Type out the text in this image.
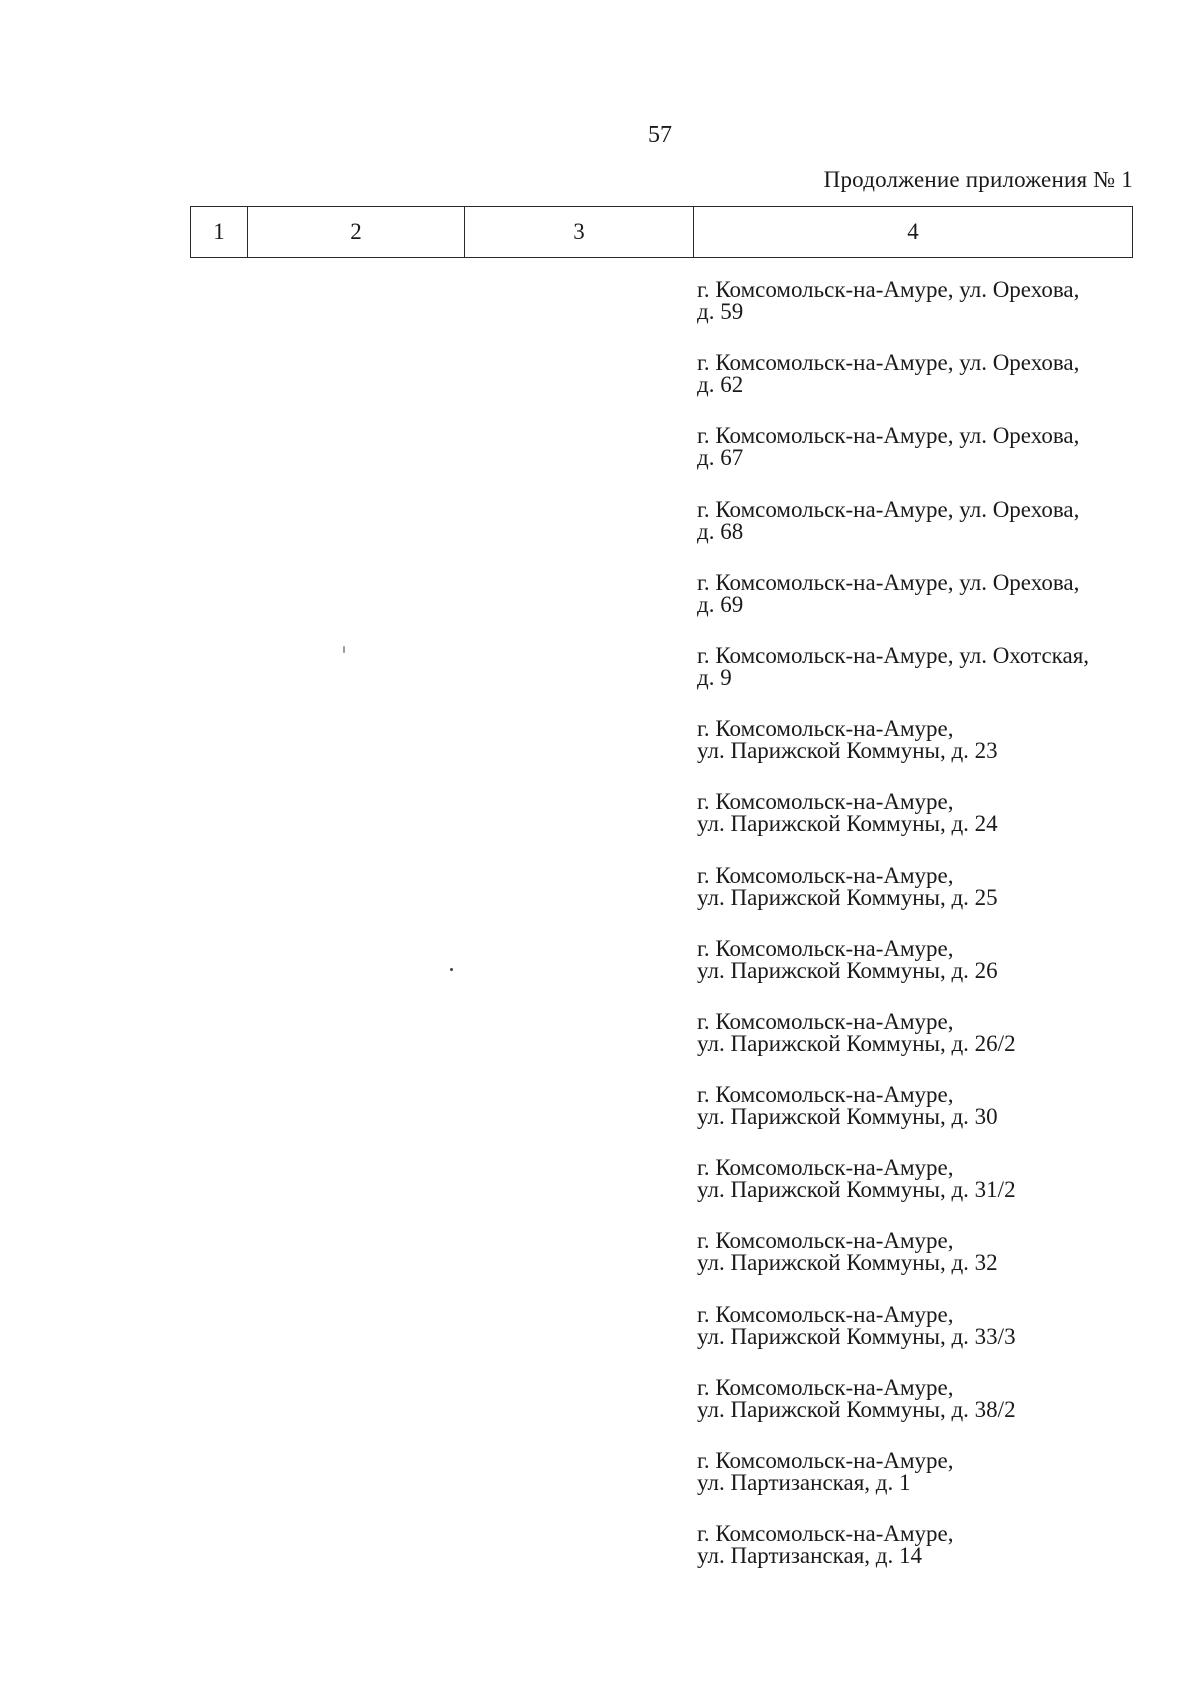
57
Продолжение приложения № 1
1	2	3	4
г. Комсомольск-на-Амуре, ул. Орехова,
д. 59
г. Комсомольск-на-Амуре, ул. Орехова,
д. 62
г. Комсомольск-на-Амуре, ул. Орехова,
д. 67
г. Комсомольск-на-Амуре, ул. Орехова,
д. 68
г. Комсомольск-на-Амуре, ул. Орехова,
д. 69
г. Комсомольск-на-Амуре, ул. Охотская,
д. 9
г. Комсомольск-на-Амуре,
ул. Парижской Коммуны, д. 23
г. Комсомольск-на-Амуре,
ул. Парижской Коммуны, д. 24
г. Комсомольск-на-Амуре,
ул. Парижской Коммуны, д. 25
г. Комсомольск-на-Амуре,
ул. Парижской Коммуны, д. 26
г. Комсомольск-на-Амуре,
ул. Парижской Коммуны, д. 26/2
г. Комсомольск-на-Амуре,
ул. Парижской Коммуны, д. 30
г. Комсомольск-на-Амуре,
ул. Парижской Коммуны, д. 31/2
г. Комсомольск-на-Амуре,
ул. Парижской Коммуны, д. 32
г. Комсомольск-на-Амуре,
ул. Парижской Коммуны, д. 33/3
г. Комсомольск-на-Амуре,
ул. Парижской Коммуны, д. 38/2
г. Комсомольск-на-Амуре,
ул. Партизанская, д. 1
г. Комсомольск-на-Амуре,
ул. Партизанская, д. 14
